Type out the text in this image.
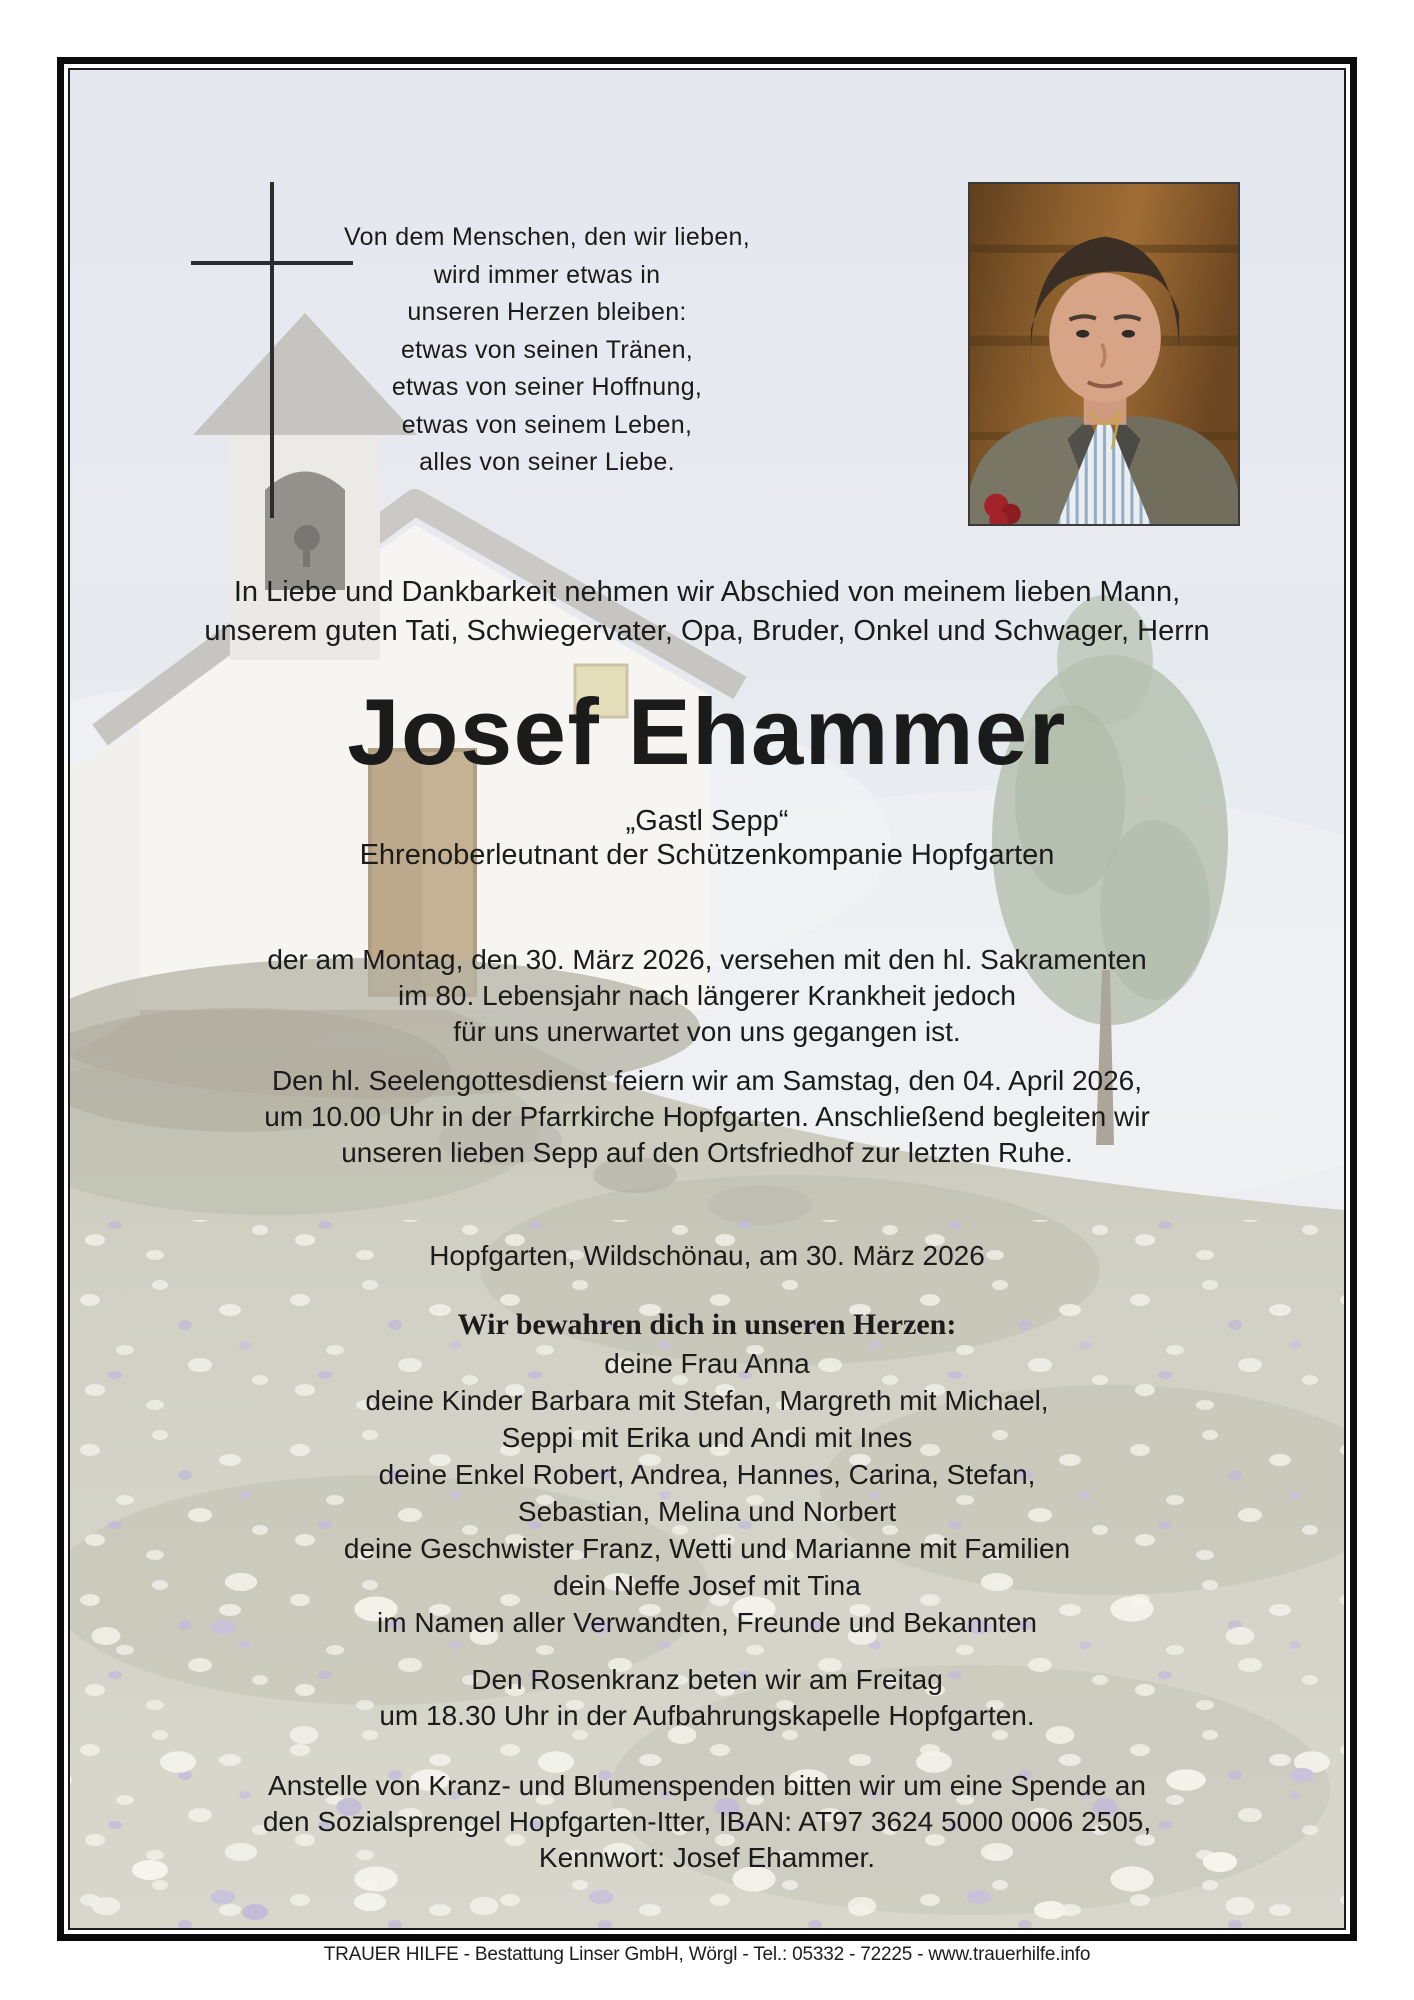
Von dem Menschen, den wir lieben,
wird immer etwas in
unseren Herzen bleiben:
etwas von seinen Tränen,
etwas von seiner Hoffnung,
etwas von seinem Leben,
alles von seiner Liebe.
In Liebe und Dankbarkeit nehmen wir Abschied von meinem lieben Mann,
unserem guten Tati, Schwiegervater, Opa, Bruder, Onkel und Schwager, Herrn
Josef Ehammer
„Gastl Sepp“
Ehrenoberleutnant der Schützenkompanie Hopfgarten
der am Montag, den 30. März 2026, versehen mit den hl. Sakramenten
im 80. Lebensjahr nach längerer Krankheit jedoch
für uns unerwartet von uns gegangen ist.
Den hl. Seelengottesdienst feiern wir am Samstag, den 04. April 2026,
um 10.00 Uhr in der Pfarrkirche Hopfgarten. Anschließend begleiten wir
unseren lieben Sepp auf den Ortsfriedhof zur letzten Ruhe.
Hopfgarten, Wildschönau, am 30. März 2026
Wir bewahren dich in unseren Herzen:
deine Frau Anna
deine Kinder Barbara mit Stefan, Margreth mit Michael,
Seppi mit Erika und Andi mit Ines
deine Enkel Robert, Andrea, Hannes, Carina, Stefan,
Sebastian, Melina und Norbert
deine Geschwister Franz, Wetti und Marianne mit Familien
dein Neffe Josef mit Tina
im Namen aller Verwandten, Freunde und Bekannten
Den Rosenkranz beten wir am Freitag
um 18.30 Uhr in der Aufbahrungskapelle Hopfgarten.
Anstelle von Kranz- und Blumenspenden bitten wir um eine Spende an
den Sozialsprengel Hopfgarten-Itter, IBAN: AT97 3624 5000 0006 2505,
Kennwort: Josef Ehammer.
TRAUER HILFE - Bestattung Linser GmbH, Wörgl - Tel.: 05332 - 72225 - www.trauerhilfe.info
